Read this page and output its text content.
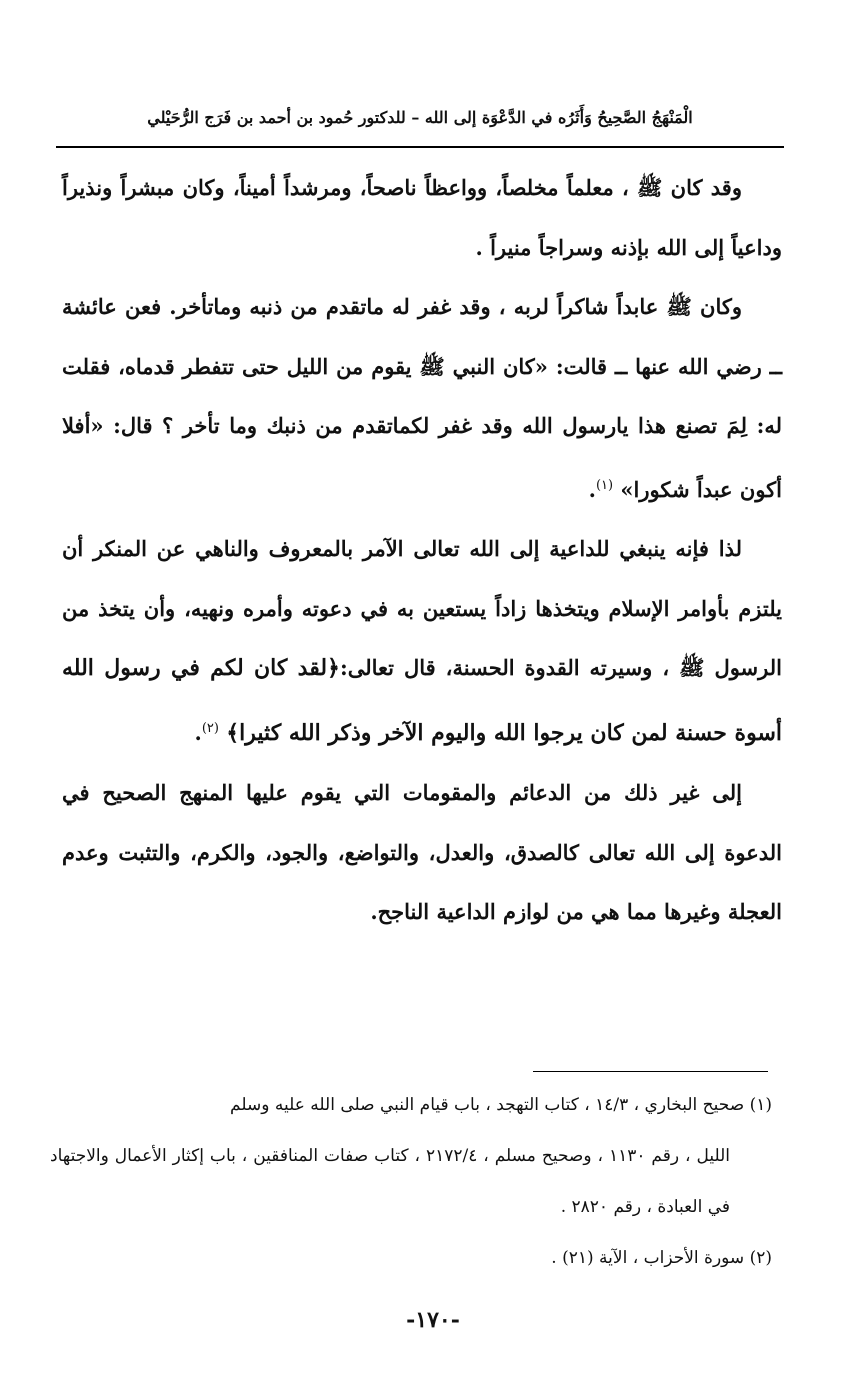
الْمَنْهَجُ الصَّحِيحُ وَأَثَرُه في الدَّعْوَة إلى الله – للدكتور حُمود بن أحمد بن فَرَج الرُّحَيْلي

وقد كان ﷺ ، معلماً مخلصاً، وواعظاً ناصحاً، ومرشداً أميناً، وكان مبشراً ونذيراً وداعياً إلى الله بإذنه وسراجاً منيراً .

وكان ﷺ عابداً شاكراً لربه ، وقد غفر له ماتقدم من ذنبه وماتأخر. فعن عائشة ــ رضي الله عنها ــ قالت: «كان النبي ﷺ يقوم من الليل حتى تتفطر قدماه، فقلت له: لِمَ تصنع هذا يارسول الله وقد غفر لكماتقدم من ذنبك وما تأخر ؟ قال: «أفلا أكون عبداً شكورا» $^{(١)}$.

لذا فإنه ينبغي للداعية إلى الله تعالى الآمر بالمعروف والناهي عن المنكر أن يلتزم بأوامر الإسلام ويتخذها زاداً يستعين به في دعوته وأمره ونهيه، وأن يتخذ من الرسول ﷺ ، وسيرته القدوة الحسنة، قال تعالى:﴿لقد كان لكم في رسول الله أسوة حسنة لمن كان يرجوا الله واليوم الآخر وذكر الله كثيرا﴾ $^{(٢)}$.

إلى غير ذلك من الدعائم والمقومات التي يقوم عليها المنهج الصحيح في الدعوة إلى الله تعالى كالصدق، والعدل، والتواضع، والجود، والكرم، والتثبت وعدم العجلة وغيرها مما هي من لوازم الداعية الناجح.

(١) صحيح البخاري ، ١٤/٣ ، كتاب التهجد ، باب قيام النبي صلى الله عليه وسلم
الليل ، رقم ١١٣٠ ، وصحيح مسلم ، ٢١٧٢/٤ ، كتاب صفات المنافقين ، باب إكثار الأعمال والاجتهاد في العبادة ، رقم ٢٨٢٠ .

(٢) سورة الأحزاب ، الآية (٢١) .

-١٧٠-
